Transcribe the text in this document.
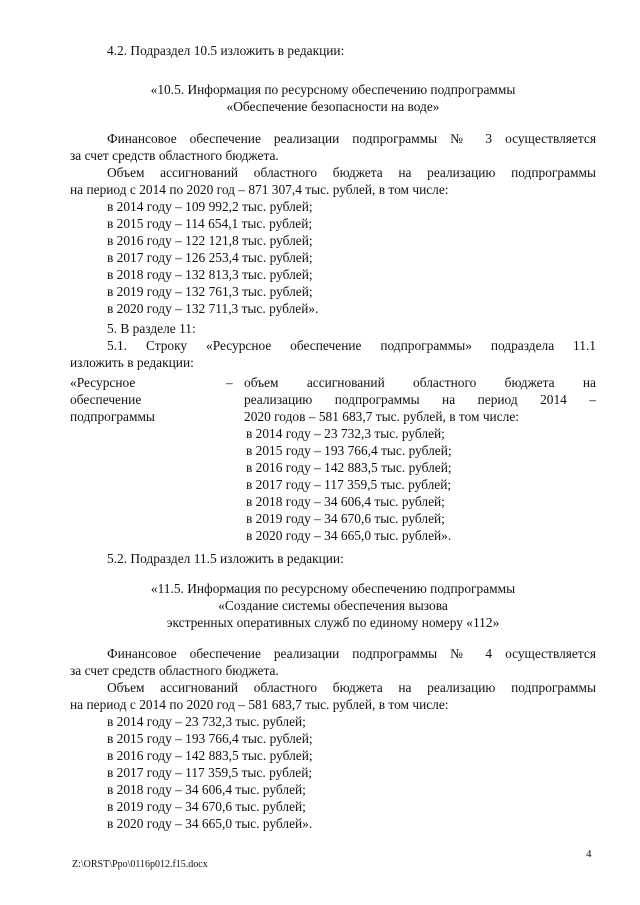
4.2. Подраздел 10.5 изложить в редакции:
«10.5. Информация по ресурсному обеспечению подпрограммы
«Обеспечение безопасности на воде»
Финансовое обеспечение реализации подпрограммы № 3 осуществляется
за счет средств областного бюджета.
Объем ассигнований областного бюджета на реализацию подпрограммы
на период с 2014 по 2020 год – 871 307,4 тыс. рублей, в том числе:
в 2014 году – 109 992,2 тыс. рублей;
в 2015 году – 114 654,1 тыс. рублей;
в 2016 году – 122 121,8 тыс. рублей;
в 2017 году – 126 253,4 тыс. рублей;
в 2018 году – 132 813,3 тыс. рублей;
в 2019 году – 132 761,3 тыс. рублей;
в 2020 году – 132 711,3 тыс. рублей».
5. В разделе 11:
5.1. Строку «Ресурсное обеспечение подпрограммы» подраздела 11.1
изложить в редакции:
«Ресурсное
обеспечение
подпрограммы
– объем ассигнований областного бюджета на
реализацию подпрограммы на период 2014 –
2020 годов – 581 683,7 тыс. рублей, в том числе:
в 2014 году – 23 732,3 тыс. рублей;
в 2015 году – 193 766,4 тыс. рублей;
в 2016 году – 142 883,5 тыс. рублей;
в 2017 году – 117 359,5 тыс. рублей;
в 2018 году – 34 606,4 тыс. рублей;
в 2019 году – 34 670,6 тыс. рублей;
в 2020 году – 34 665,0 тыс. рублей».
5.2. Подраздел 11.5 изложить в редакции:
«11.5. Информация по ресурсному обеспечению подпрограммы
«Создание системы обеспечения вызова
экстренных оперативных служб по единому номеру «112»
Финансовое обеспечение реализации подпрограммы № 4 осуществляется
за счет средств областного бюджета.
Объем ассигнований областного бюджета на реализацию подпрограммы
на период с 2014 по 2020 год – 581 683,7 тыс. рублей, в том числе:
в 2014 году – 23 732,3 тыс. рублей;
в 2015 году – 193 766,4 тыс. рублей;
в 2016 году – 142 883,5 тыс. рублей;
в 2017 году – 117 359,5 тыс. рублей;
в 2018 году – 34 606,4 тыс. рублей;
в 2019 году – 34 670,6 тыс. рублей;
в 2020 году – 34 665,0 тыс. рублей».
4
Z:\ORST\Ppo\0116p012.f15.docx
